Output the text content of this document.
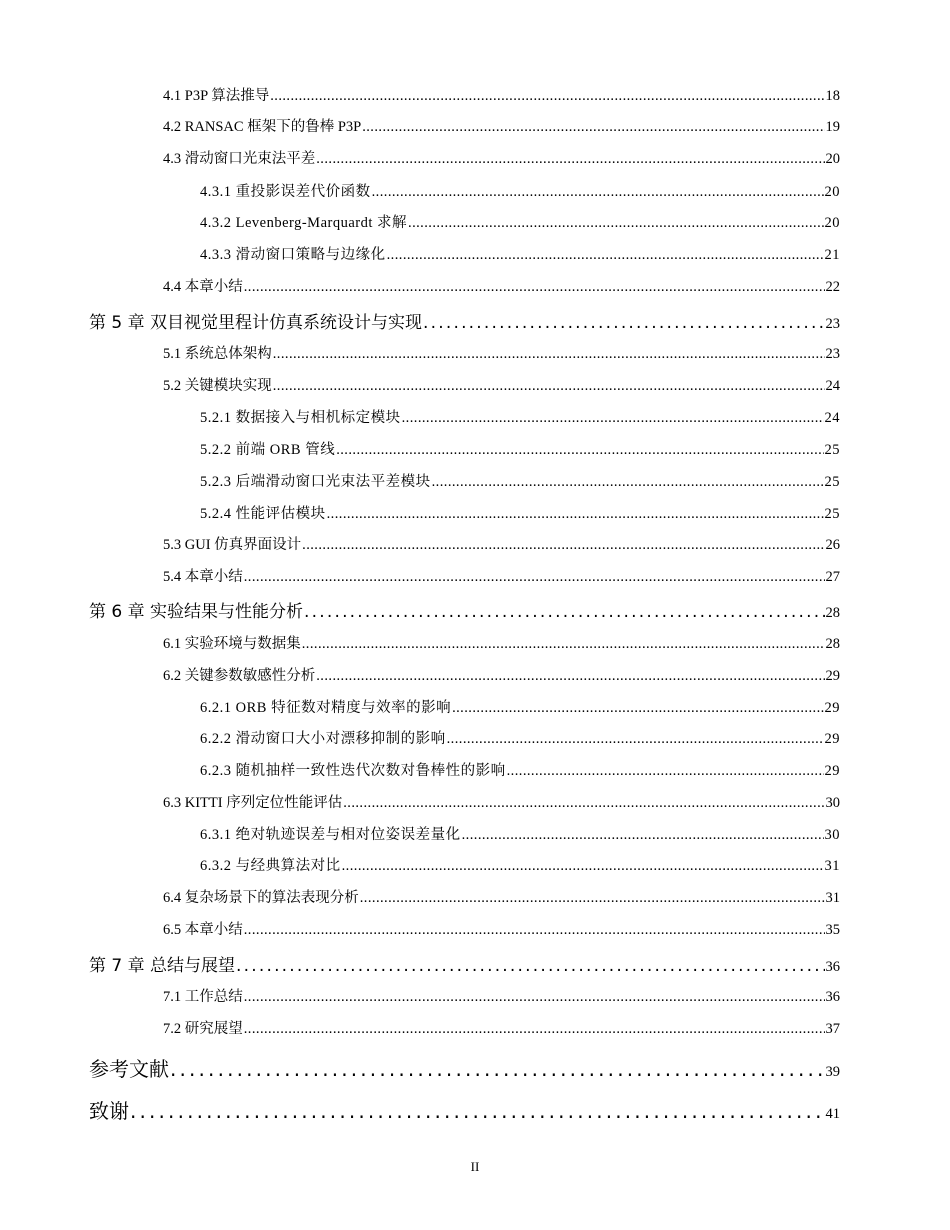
4.1 P3P 算法推导 . . .	18
4.2 RANSAC 框架下的鲁棒 P3P . . .	19
4.3 滑动窗口光束法平差 . . .	20
4.3.1 重投影误差代价函数 . . .	20
4.3.2 Levenberg-Marquardt 求解 . . .	20
4.3.3 滑动窗口策略与边缘化 . . .	21
4.4 本章小结 . . .	22
第 5 章 双目视觉里程计仿真系统设计与实现 . . .	23
5.1 系统总体架构 . . .	23
5.2 关键模块实现 . . .	24
5.2.1 数据接入与相机标定模块 . . .	24
5.2.2 前端 ORB 管线 . . .	25
5.2.3 后端滑动窗口光束法平差模块 . . .	25
5.2.4 性能评估模块 . . .	25
5.3 GUI 仿真界面设计 . . .	26
5.4 本章小结 . . .	27
第 6 章 实验结果与性能分析 . . .	28
6.1 实验环境与数据集 . . .	28
6.2 关键参数敏感性分析 . . .	29
6.2.1 ORB 特征数对精度与效率的影响 . . .	29
6.2.2 滑动窗口大小对漂移抑制的影响 . . .	29
6.2.3 随机抽样一致性迭代次数对鲁棒性的影响 . . .	29
6.3 KITTI 序列定位性能评估 . . .	30
6.3.1 绝对轨迹误差与相对位姿误差量化 . . .	30
6.3.2 与经典算法对比 . . .	31
6.4 复杂场景下的算法表现分析 . . .	31
6.5 本章小结 . . .	35
第 7 章 总结与展望 . . .	36
7.1 工作总结 . . .	36
7.2 研究展望 . . .	37
参考文献 . . .	39
致谢 . . .	41
II
